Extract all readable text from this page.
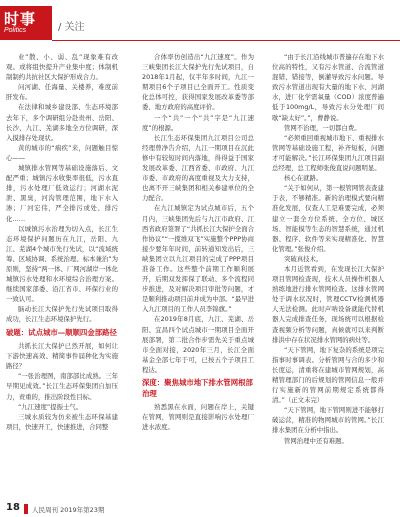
时事
Politics	/ 关注

业”散、小、弱、乱”现象难有改观。或将组快提升产业集中度；体制机制制约共抗社区大保护形成合力。

问河湖、任海量、关楼养，难度前肝发布。

在法律和城乡建设部、生态环境部去年下，多个调研组分赴贵州、岳阳、长沙、九江、芜湖多地全方位调研，深入摸排存处现状。

黄的城市的“痼疾”来，问题触目惊心——

城镇排水管网等基础设施落后、文配严重；城镇污水收集率很低，污水直排，污水处理厂低效运行；河湖水泥泄、黑臭，河沟管理范围，地下水入渗；厂河宏伟，严全排污或处、排污化……

以城镇污水治理为切入点，长江生态环境保护问题历在九江，岳阳、九江、芜湖4个城市先行先试，以“流域统筹、区域协调、系统治理、标本兼治”为原则，坚持“两一体、厂网河湖岸一体化城镇污水处理和水环境综合治理方案。继续国家部委、沿江省市、环保行业的一致认可。

脑动长江大保护先行先试项目取得成功，长江生态环境保护先行。

破题：试点城市—顺顺四金部路径

共抓长江大保护已然开展，如何让下游快速高效、精简事件届种化为实施路径？

“一张治理图，南部部比成熟。三年早期见成效。”长江生态环保集团自加压力，责重的，推出阶段性目标。

“九江速度”提振士气。

三城水质较为仿来被生态环保基建项目，快速开工，快速推进，合同整

合体率仿创造出“九江速度”。作为三峡集团长江大保护先行先试项目，自2018年1月起，仅半年多时间，九江一期项目6个子项目已全面开工。性质变化总体可控，获得国家发展改革委等部委、地方政府的高度评价。

一个“共”一个“共”字是“九江速度”的根源。

长江生态环保集团九江项目公司总经理曾净告介绍，九江一期项目在沉此修中有较短时间内落地，得得益于国家发展改革委、江西省委、市政府、九江市委、市政府的高度重视及大力支持，也离不开三峡集团和相关参建单位的全力配合。

在九江城镇定为试点城市后，五个月内，三峡集团先后与九江市政府、江西省政府签署了“共抓长江大保护全面合作协议”“一揽维双飞”实施整个PPP协商接少要年年时间，前转通知发出后，三峡集团立以九江项目的完成了PPP项目准备工作。这些整个前期工作顺利展开，后期双发挥保了联动、多个流程同步推进，及对解决项目审批等问题，才是顺利推动项目前并成为中部。“最早进入九江项目的工作人员李锦旗。”

在2019年8月底，九江、芜湖、岳阳、宜昌四个试点城市一期项目全面开展部署，第二批合作步需先关于重点城市全面对接，2020年三月，长江全面基金全部七年于可，已按五个子项目工程达。

深度：聚焦城市地下排水管网根部治理

熟悉黑在水面，问题在岸上，关键在管网，管网则是直接影响污水处理厂进水浓度。

“由于长江沿线城市普遍存在地下水位高的特性，又有污水管道、合流管道混错、错接等，倒灌导致污水问题。导致污水管道出现有大量的地下水、河湖水，进厂化学需氧量（COD）浓度普遍低于100mg/L，导致污水分处理厂间歇“缺太好”。”，曹静说。

管网不治理，一切都白费。

“必须重回重视城市地下、重视排水管网等基础设施工程，补齐短板，问题才可能解决。”长江环保集团九江项目副总经理，总工程师张俊直说问题明显。

核心在就路。

“关于如何从，第一根管网管表查建于表，不够精准。新的治理模式要向精准化发展，仅查人工是难要完成，必须建立一套全方位系统、全方位、城区场、智能模等生态的智慧系统，通过机器、程序、软件等来实现精准化、智慧化管理。”张俊介绍。

突破真技术。

本月近管看到，在发现长江大保护项目管网检查现，技术人员操作机器人熟练地进行排水管网检查。这排水管网处于调水状况时，管理CCTV检测机器人无法检测。此时声呐设备就能代替机器人完成排查任务，现场统可以根据检查视频分析等问题，真候就可以来判断排洪中存在状况排水管网的病灶等。

“天下管网，地下复杂的系统是项完指事时事调表。分析管网与合的多少和长度运，清重将在建城市管网规划，高精管理部门的后规划的管网信息一般并行实施新的管网前期规定系统都得清。”（正文未完）

“天下管网，地下管网则进不能够打破运营，精准的物网城市的管网。”长江排水集团在分析中指出。

管网治理中还有难题。

18 人民周刊 2019年第23期
